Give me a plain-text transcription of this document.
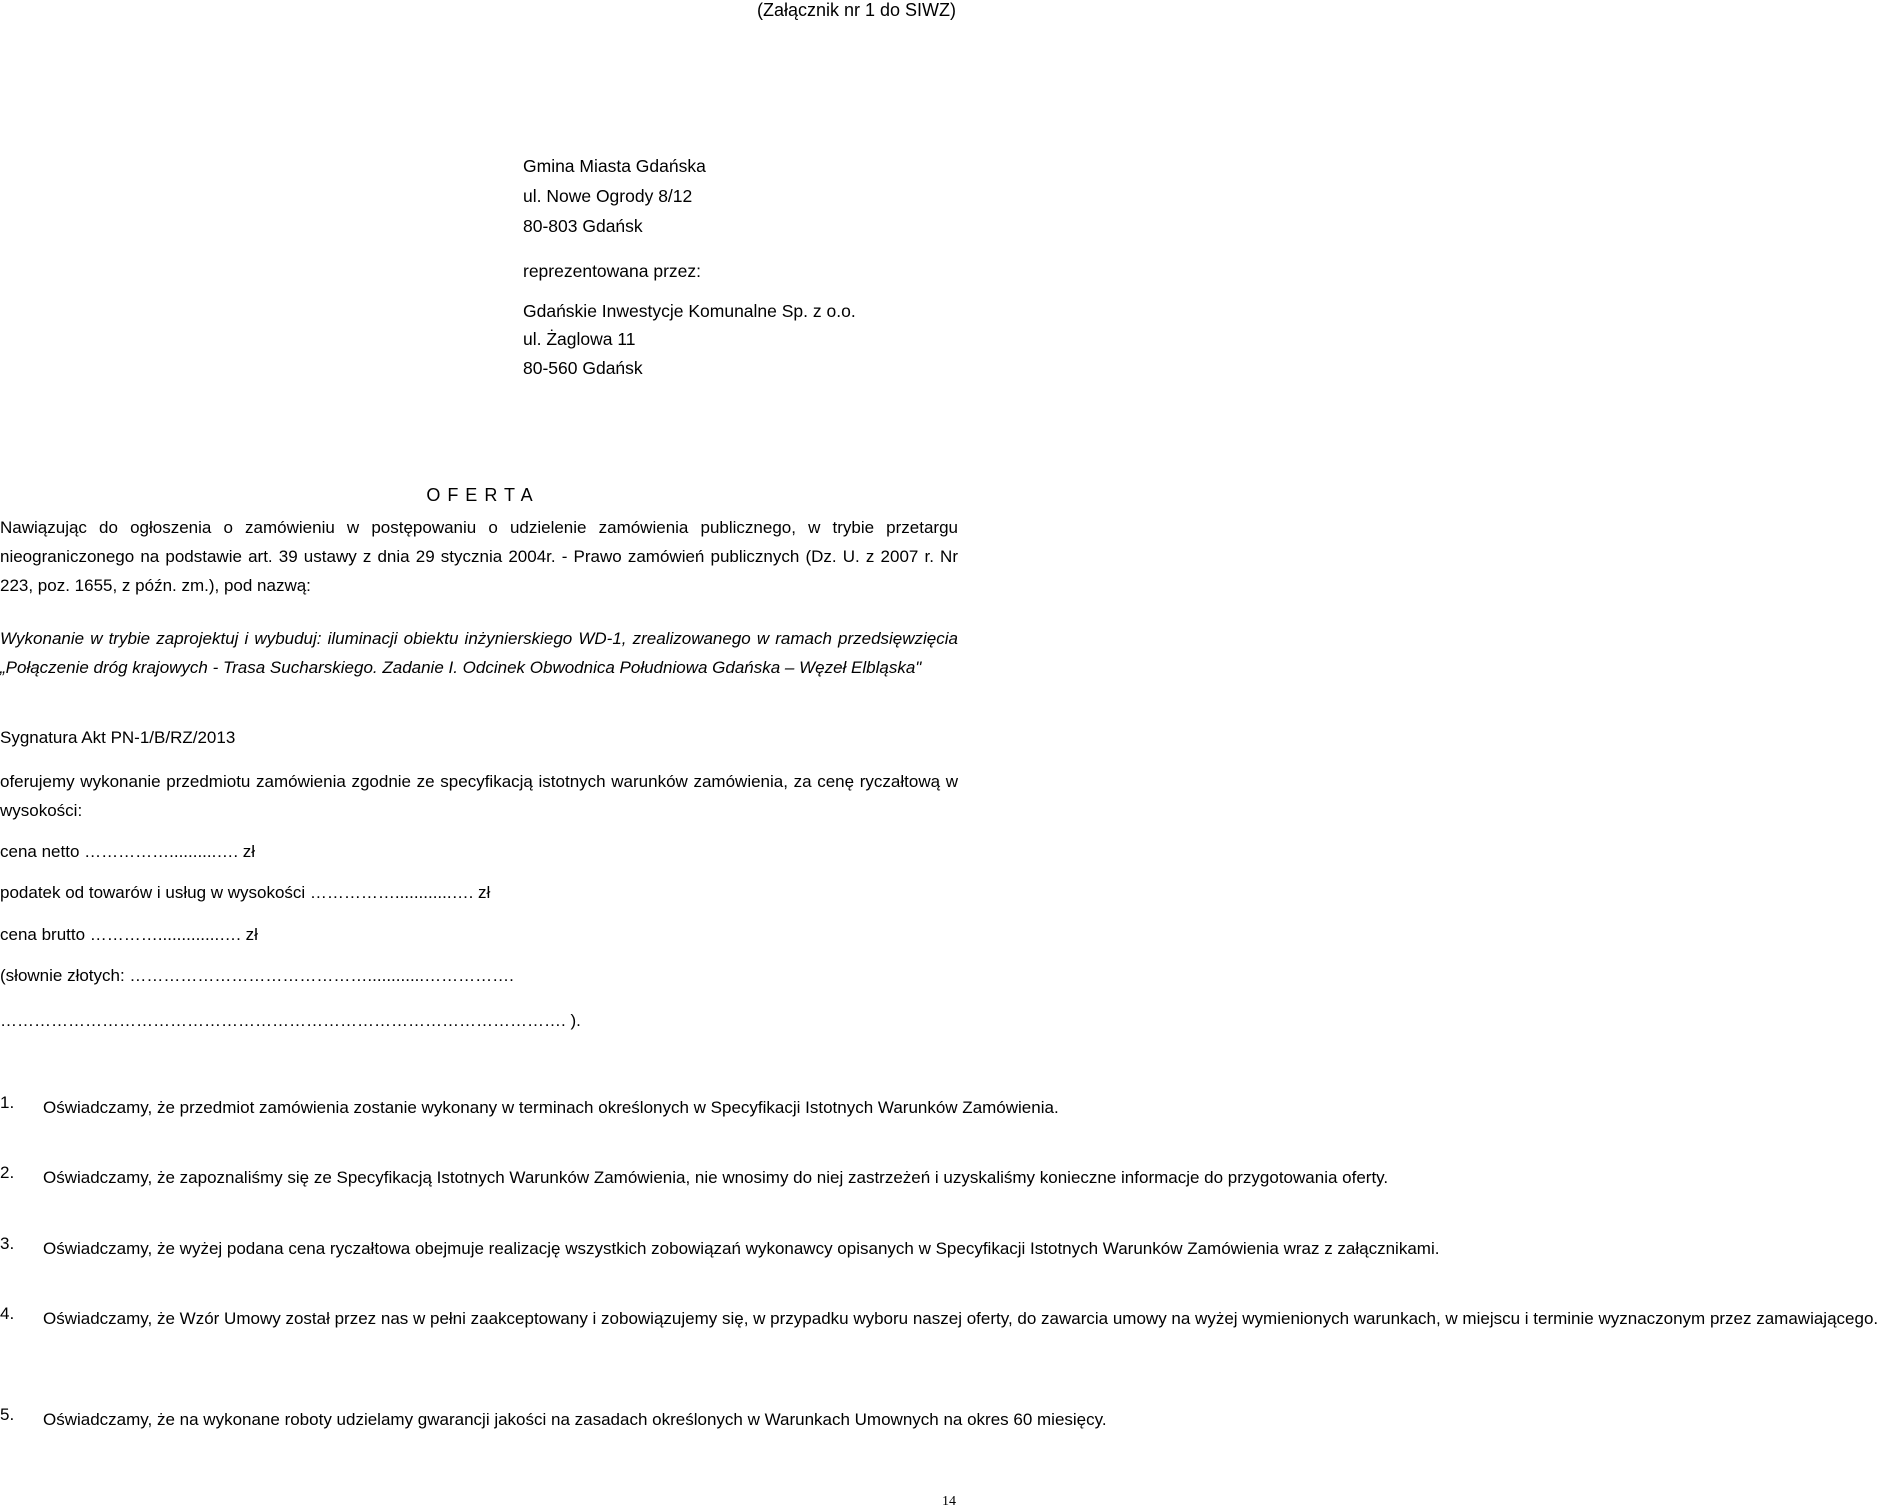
(Załącznik nr 1 do SIWZ)
Gmina Miasta Gdańska
ul. Nowe Ogrody 8/12
80-803 Gdańsk
reprezentowana przez:
Gdańskie Inwestycje Komunalne Sp. z o.o.
ul. Żaglowa 11
80-560 Gdańsk
O F E R T A
Nawiązując do ogłoszenia o zamówieniu w postępowaniu o udzielenie zamówienia publicznego, w trybie przetargu nieograniczonego na podstawie art. 39 ustawy z dnia 29 stycznia 2004r. - Prawo zamówień publicznych (Dz. U. z 2007 r. Nr 223, poz. 1655, z późn. zm.), pod nazwą:
Wykonanie w trybie zaprojektuj i wybuduj: iluminacji obiektu inżynierskiego WD-1, zrealizowanego w ramach przedsięwzięcia „Połączenie dróg krajowych - Trasa Sucharskiego. Zadanie I. Odcinek Obwodnica Południowa Gdańska – Węzeł Elbląska"
Sygnatura Akt PN-1/B/RZ/2013
oferujemy wykonanie przedmiotu zamówienia zgodnie ze specyfikacją istotnych warunków zamówienia, za cenę ryczałtową w wysokości:
cena netto ……………..........…. zł
podatek od towarów i usług w wysokości ……………............…. zł
cena brutto ………….............…. zł
(słownie złotych: ……………………………………............…………….
………………………………………………………………………………………. ).
1. Oświadczamy, że przedmiot zamówienia zostanie wykonany w terminach określonych w Specyfikacji Istotnych Warunków Zamówienia.
2. Oświadczamy, że zapoznaliśmy się ze Specyfikacją Istotnych Warunków Zamówienia, nie wnosimy do niej zastrzeżeń i uzyskaliśmy konieczne informacje do przygotowania oferty.
3. Oświadczamy, że wyżej podana cena ryczałtowa obejmuje realizację wszystkich zobowiązań wykonawcy opisanych w Specyfikacji Istotnych Warunków Zamówienia wraz z załącznikami.
4. Oświadczamy, że Wzór Umowy został przez nas w pełni zaakceptowany i zobowiązujemy się, w przypadku wyboru naszej oferty, do zawarcia umowy na wyżej wymienionych warunkach, w miejscu i terminie wyznaczonym przez zamawiającego.
5. Oświadczamy, że na wykonane roboty udzielamy gwarancji jakości na zasadach określonych w Warunkach Umownych na okres 60 miesięcy.
14
